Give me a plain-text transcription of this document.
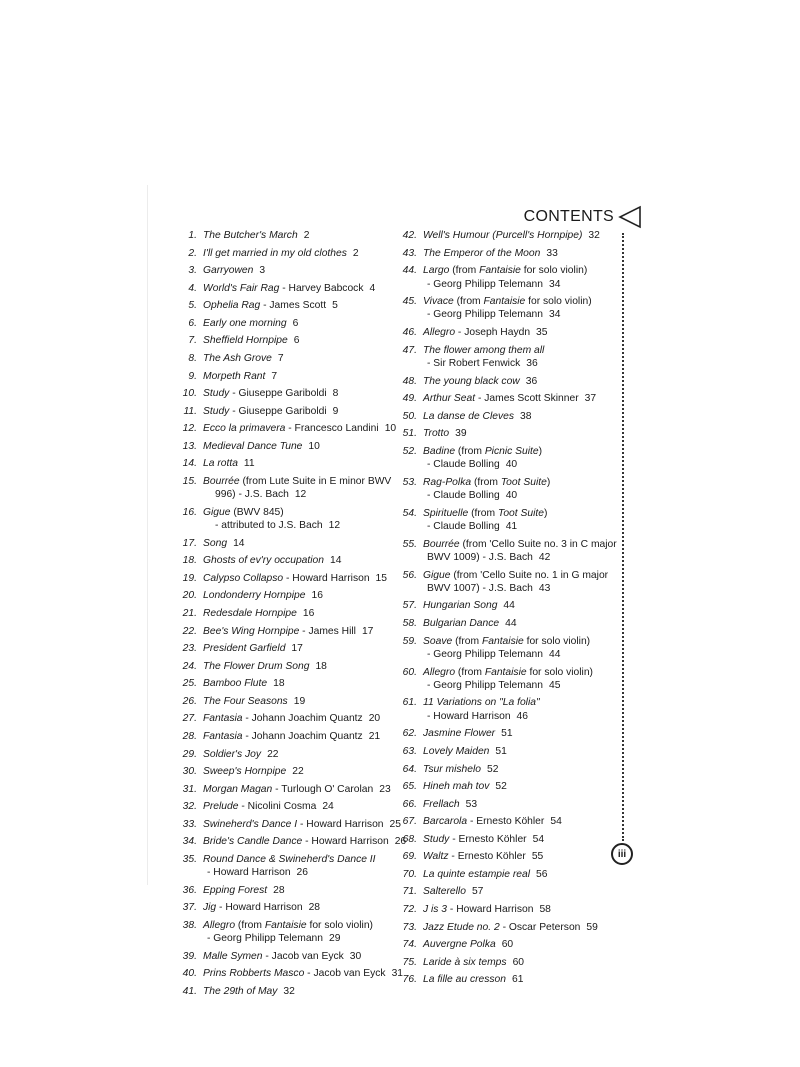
CONTENTS
iii
1. The Butcher's March 2
2. I'll get married in my old clothes 2
3. Garryowen 3
4. World's Fair Rag - Harvey Babcock 4
5. Ophelia Rag - James Scott 5
6. Early one morning 6
7. Sheffield Hornpipe 6
8. The Ash Grove 7
9. Morpeth Rant 7
10. Study - Giuseppe Gariboldi 8
11. Study - Giuseppe Gariboldi 9
12. Ecco la primavera - Francesco Landini 10
13. Medieval Dance Tune 10
14. La rotta 11
15. Bourrée (from Lute Suite in E minor BWV
996) - J.S. Bach 12
16. Gigue (BWV 845)
- attributed to J.S. Bach 12
17. Song 14
18. Ghosts of ev'ry occupation 14
19. Calypso Collapso - Howard Harrison 15
20. Londonderry Hornpipe 16
21. Redesdale Hornpipe 16
22. Bee's Wing Hornpipe - James Hill 17
23. President Garfield 17
24. The Flower Drum Song 18
25. Bamboo Flute 18
26. The Four Seasons 19
27. Fantasia - Johann Joachim Quantz 20
28. Fantasia - Johann Joachim Quantz 21
29. Soldier's Joy 22
30. Sweep's Hornpipe 22
31. Morgan Magan - Turlough O' Carolan 23
32. Prelude - Nicolini Cosma 24
33. Swineherd's Dance I - Howard Harrison 25
34. Bride's Candle Dance - Howard Harrison 26
35. Round Dance & Swineherd's Dance II
- Howard Harrison 26
36. Epping Forest 28
37. Jig - Howard Harrison 28
38. Allegro (from Fantaisie for solo violin)
- Georg Philipp Telemann 29
39. Malle Symen - Jacob van Eyck 30
40. Prins Robberts Masco - Jacob van Eyck 31
41. The 29th of May 32
42. Well's Humour (Purcell's Hornpipe) 32
43. The Emperor of the Moon 33
44. Largo (from Fantaisie for solo violin)
- Georg Philipp Telemann 34
45. Vivace (from Fantaisie for solo violin)
- Georg Philipp Telemann 34
46. Allegro - Joseph Haydn 35
47. The flower among them all
- Sir Robert Fenwick 36
48. The young black cow 36
49. Arthur Seat - James Scott Skinner 37
50. La danse de Cleves 38
51. Trotto 39
52. Badine (from Picnic Suite)
- Claude Bolling 40
53. Rag-Polka (from Toot Suite)
- Claude Bolling 40
54. Spirituelle (from Toot Suite)
- Claude Bolling 41
55. Bourrée (from 'Cello Suite no. 3 in C major
BWV 1009) - J.S. Bach 42
56. Gigue (from 'Cello Suite no. 1 in G major
BWV 1007) - J.S. Bach 43
57. Hungarian Song 44
58. Bulgarian Dance 44
59. Soave (from Fantaisie for solo violin)
- Georg Philipp Telemann 44
60. Allegro (from Fantaisie for solo violin)
- Georg Philipp Telemann 45
61. 11 Variations on "La folia"
- Howard Harrison 46
62. Jasmine Flower 51
63. Lovely Maiden 51
64. Tsur mishelo 52
65. Hineh mah tov 52
66. Frellach 53
67. Barcarola - Ernesto Köhler 54
68. Study - Ernesto Köhler 54
69. Waltz - Ernesto Köhler 55
70. La quinte estampie real 56
71. Salterello 57
72. J is 3 - Howard Harrison 58
73. Jazz Etude no. 2 - Oscar Peterson 59
74. Auvergne Polka 60
75. Laride à six temps 60
76. La fille au cresson 61
